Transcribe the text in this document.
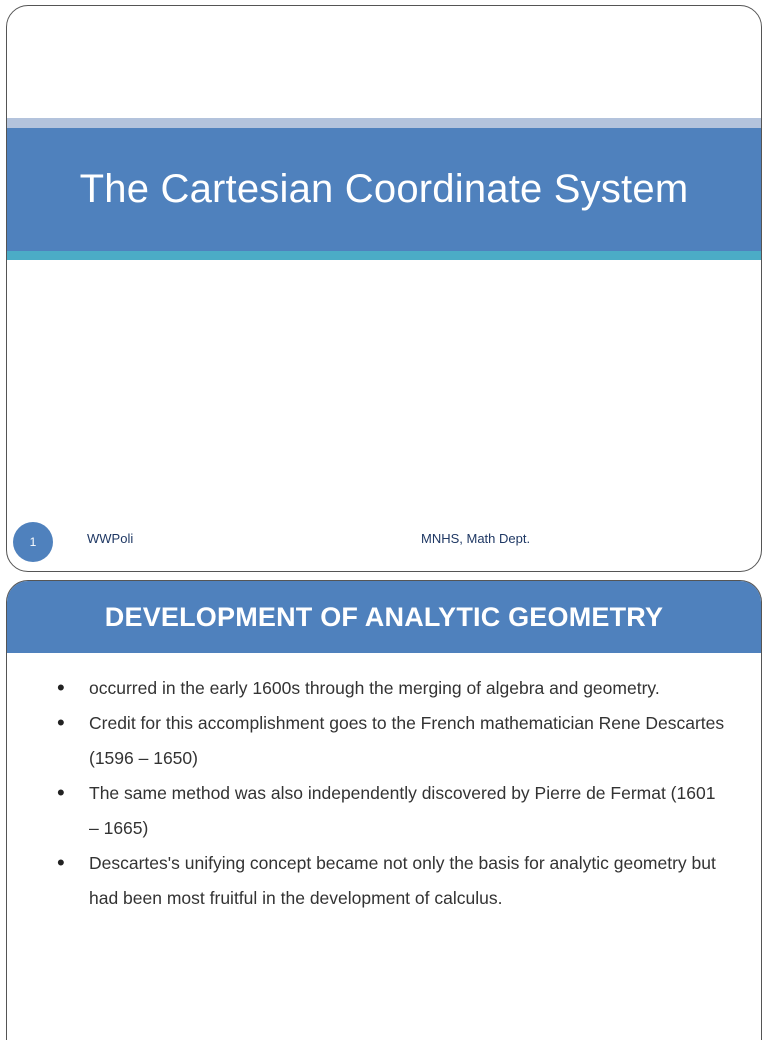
The Cartesian Coordinate System
1	WWPoli	MNHS, Math Dept.
DEVELOPMENT OF ANALYTIC GEOMETRY
• occurred in the early 1600s through the merging of algebra and geometry.
• Credit for this accomplishment goes to the French mathematician Rene Descartes (1596 – 1650)
• The same method was also independently discovered by Pierre de Fermat (1601 – 1665)
• Descartes's unifying concept became not only the basis for analytic geometry but had been most fruitful in the development of calculus.
